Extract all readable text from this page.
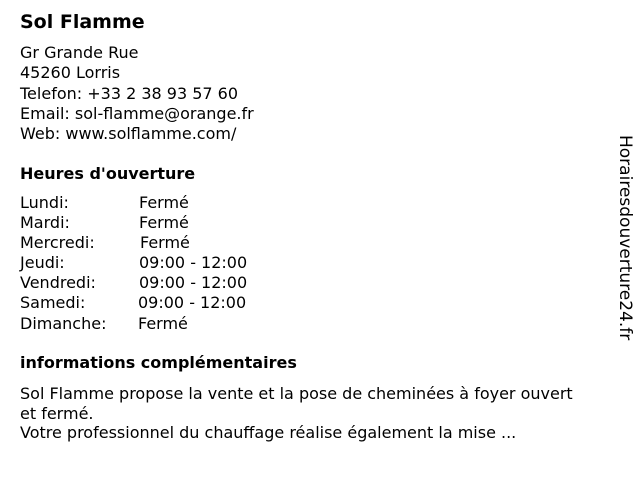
Sol Flamme
Gr Grande Rue
45260 Lorris
Telefon: +33 2 38 93 57 60
Email: sol-flamme@orange.fr
Web: www.solflamme.com/
Heures d'ouverture
Lundi:	Fermé
Mardi:	Fermé
Mercredi:	Fermé
Jeudi:	09:00 - 12:00
Vendredi:	09:00 - 12:00
Samedi:	09:00 - 12:00
Dimanche: Fermé
informations complémentaires
Sol Flamme propose la vente et la pose de cheminées à foyer ouvert
et fermé.
Votre professionnel du chauffage réalise également la mise ...
Horairesdouverture24.fr
